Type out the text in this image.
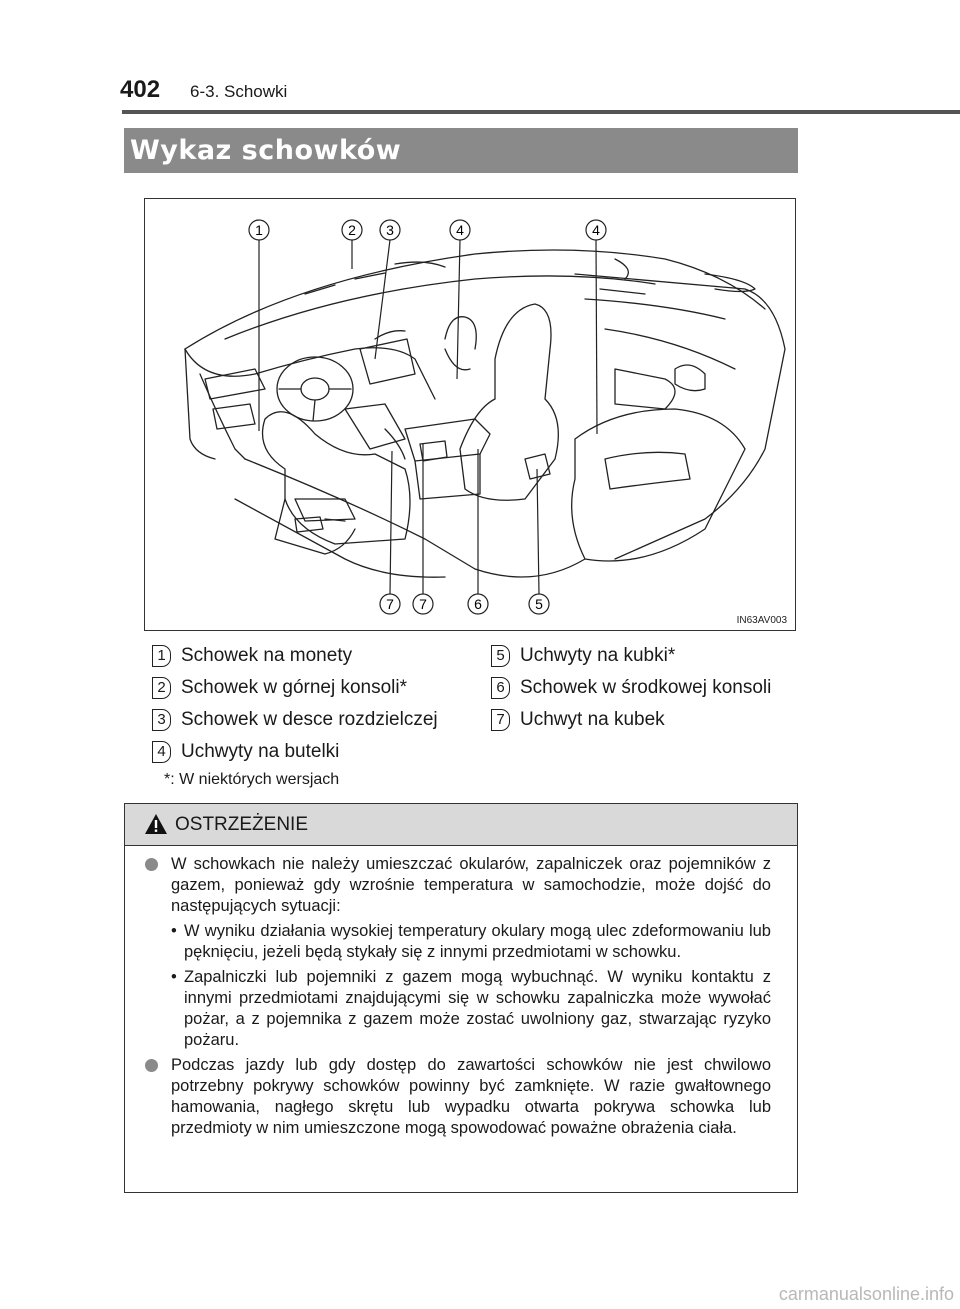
402 6-3. Schowki
Wykaz schowków
1	2 3	4	4
7 7	6	5
IN63AV003
1 Schowek na monety
2 Schowek w górnej konsoli*
3 Schowek w desce rozdzielczej
4 Uchwyty na butelki
5 Uchwyty na kubki*
6 Schowek w środkowej konsoli
7 Uchwyt na kubek
*: W niektórych wersjach
OSTRZEŻENIE
W schowkach nie należy umieszczać okularów, zapalniczek oraz pojemników z gazem, ponieważ gdy wzrośnie temperatura w samochodzie, może dojść do następujących sytuacji:
• W wyniku działania wysokiej temperatury okulary mogą ulec zdeformowaniu lub pęknięciu, jeżeli będą stykały się z innymi przedmiotami w schowku.
• Zapalniczki lub pojemniki z gazem mogą wybuchnąć. W wyniku kontaktu z innymi przedmiotami znajdującymi się w schowku zapalniczka może wywołać pożar, a z pojemnika z gazem może zostać uwolniony gaz, stwarzając ryzyko pożaru.
Podczas jazdy lub gdy dostęp do zawartości schowków nie jest chwilowo potrzebny pokrywy schowków powinny być zamknięte. W razie gwałtownego hamowania, nagłego skrętu lub wypadku otwarta pokrywa schowka lub przedmioty w nim umieszczone mogą spowodować poważne obrażenia ciała.
carmanualsonline.info
